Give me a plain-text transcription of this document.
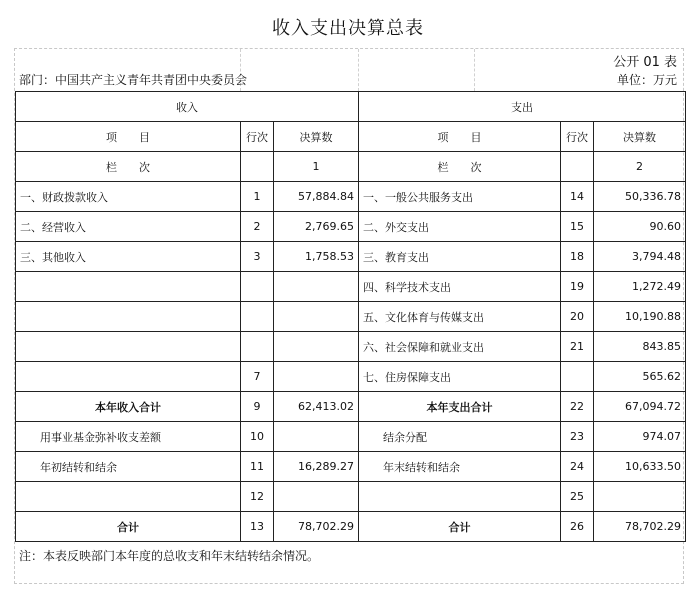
收入支出决算总表
公开 01 表
部门：中国共产主义青年共青团中央委员会	单位：万元
收入			支出		
项　　目	行次	决算数	项　　目	行次	决算数
栏　　次		1	栏　　次		2
一、财政拨款收入	1	57,884.84	一、一般公共服务支出	14	50,336.78
二、经营收入	2	2,769.65	二、外交支出	15	90.60
三、其他收入	3	1,758.53	三、教育支出	18	3,794.48
			四、科学技术支出	19	1,272.49
			五、文化体育与传媒支出	20	10,190.88
			六、社会保障和就业支出	21	843.85
	7		七、住房保障支出		565.62
本年收入合计	9	62,413.02	本年支出合计	22	67,094.72
用事业基金弥补收支差额	10		结余分配	23	974.07
年初结转和结余	11	16,289.27	年末结转和结余	24	10,633.50
	12			25	
合计	13	78,702.29	合计	26	78,702.29
注：本表反映部门本年度的总收支和年末结转结余情况。
